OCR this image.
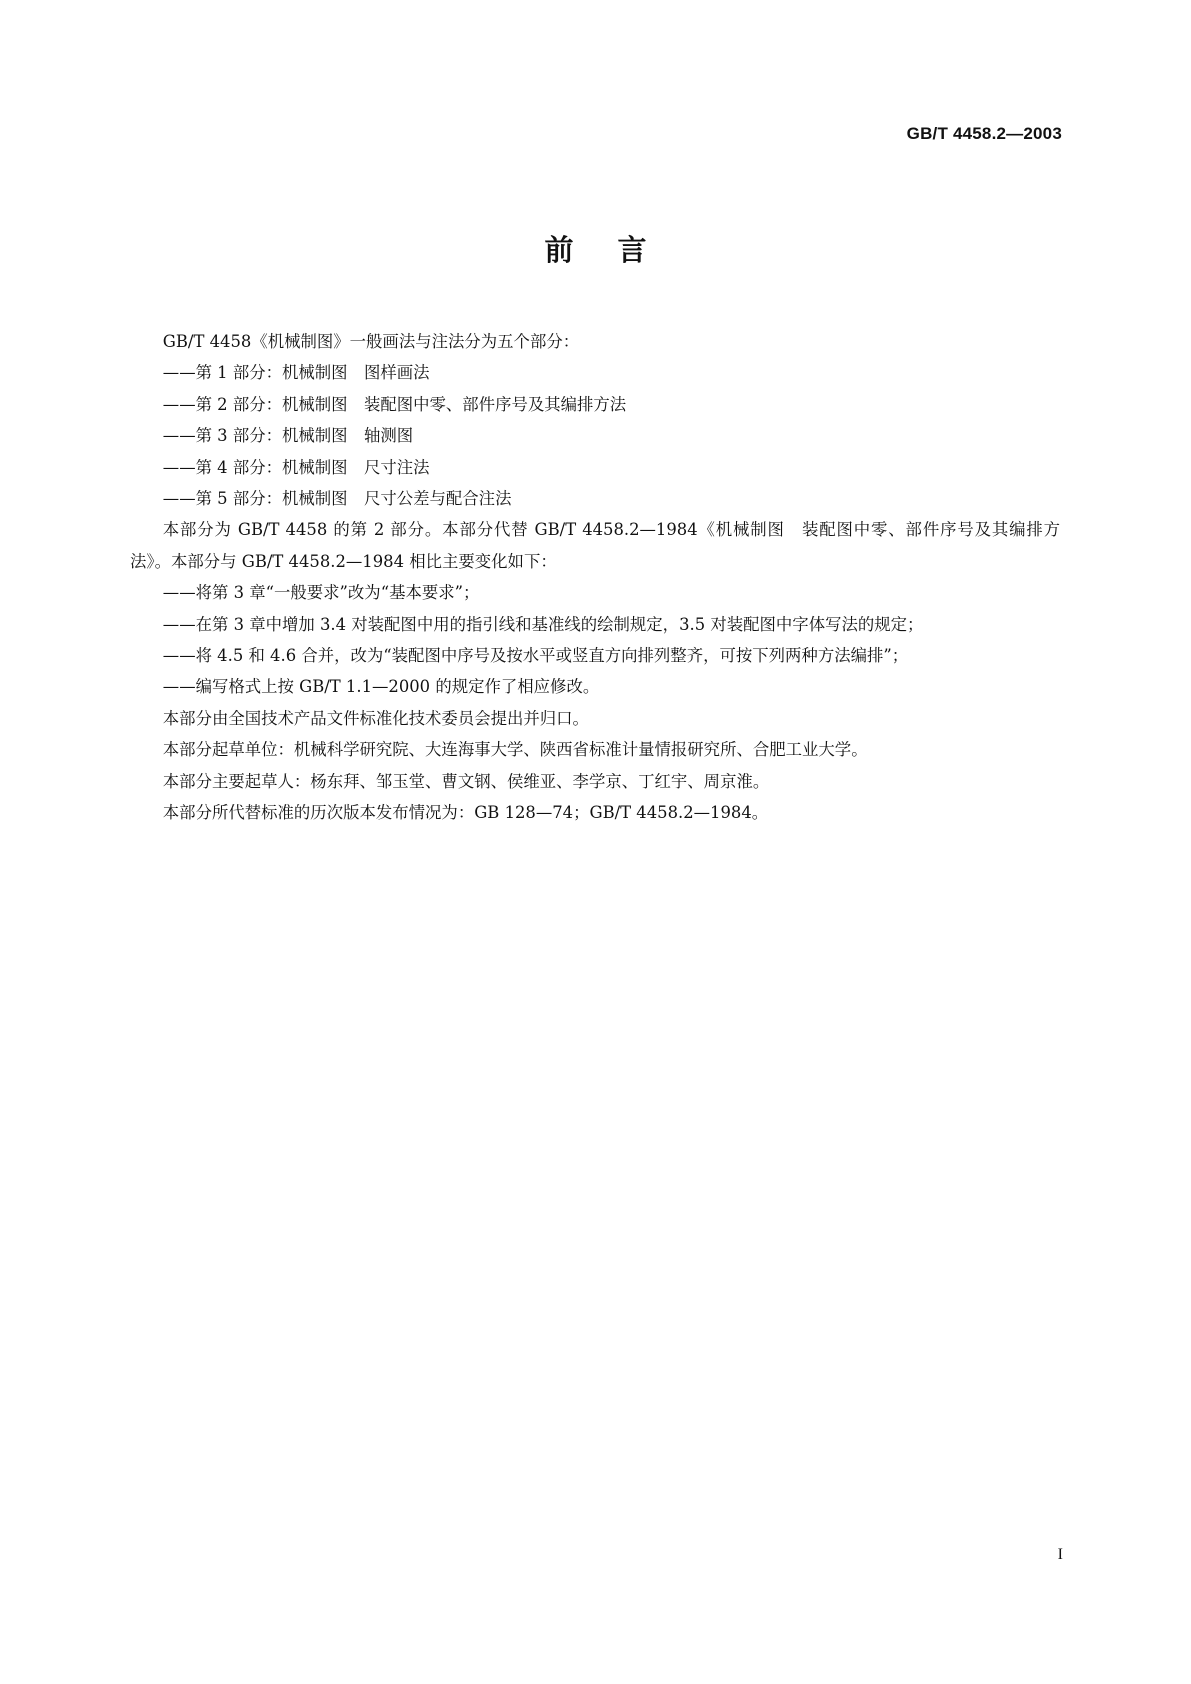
GB/T 4458.2—2003
前言

GB/T 4458《机械制图》一般画法与注法分为五个部分：

——第 1 部分：机械制图　图样画法

——第 2 部分：机械制图　装配图中零、部件序号及其编排方法

——第 3 部分：机械制图　轴测图

——第 4 部分：机械制图　尺寸注法

——第 5 部分：机械制图　尺寸公差与配合注法

本部分为 GB/T 4458 的第 2 部分。本部分代替 GB/T 4458.2—1984《机械制图　装配图中零、部件序号及其编排方法》。本部分与 GB/T 4458.2—1984 相比主要变化如下：

——将第 3 章“一般要求”改为“基本要求”；

——在第 3 章中增加 3.4 对装配图中用的指引线和基准线的绘制规定，3.5 对装配图中字体写法的规定；

——将 4.5 和 4.6 合并，改为“装配图中序号及按水平或竖直方向排列整齐，可按下列两种方法编排”；

——编写格式上按 GB/T 1.1—2000 的规定作了相应修改。

本部分由全国技术产品文件标准化技术委员会提出并归口。

本部分起草单位：机械科学研究院、大连海事大学、陕西省标准计量情报研究所、合肥工业大学。

本部分主要起草人：杨东拜、邹玉堂、曹文钢、侯维亚、李学京、丁红宇、周京淮。

本部分所代替标准的历次版本发布情况为：GB 128—74；GB/T 4458.2—1984。

I
